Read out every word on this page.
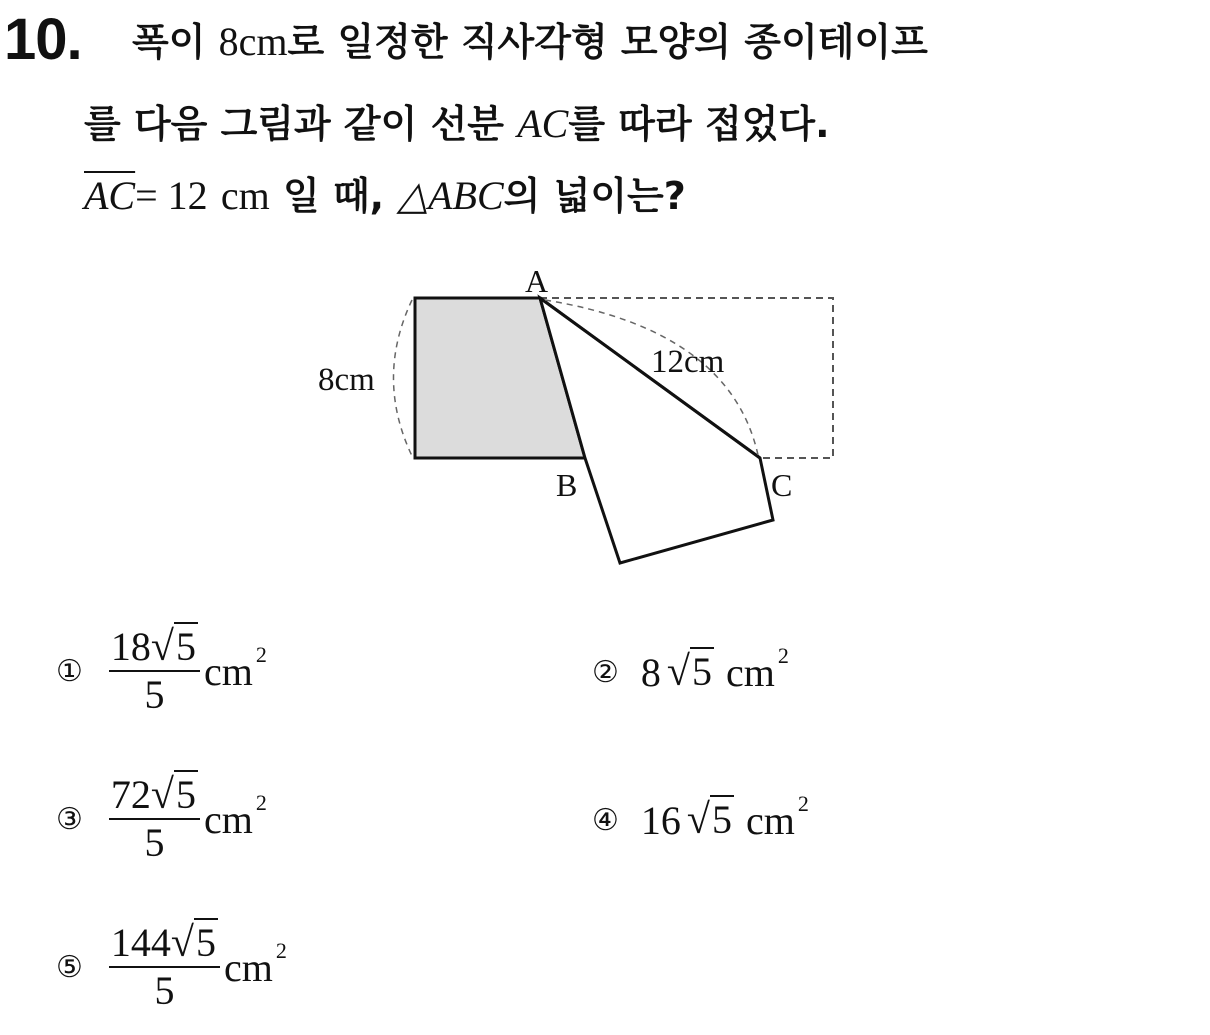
10. 폭이 8cm로 일정한 직사각형 모양의 종이테이프
를 다음 그림과 같이 선분 AC를 따라 접었다.
$\overline{AC}= 12$ cm 일 때, △ABC의 넓이는?
A
B	C
8cm	12cm
① $\frac{18√5}{5}$ cm $^2$	② 8 √5 cm $^2$
③ $\frac{72√5}{5}$ cm $^2$	④ 16 √5 cm $^2$
⑤ $\frac{144√5}{5}$ cm $^2$
